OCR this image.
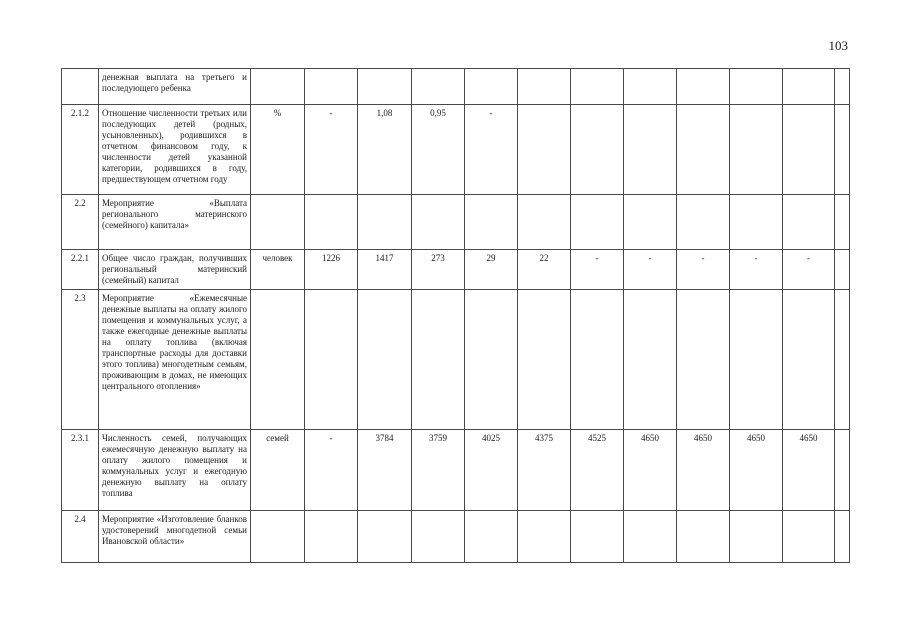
103
	денежная выплата на третьего и последующего ребенка												
2.1.2	Отношение численности третьих или последующих детей (родных, усыновленных), родившихся в отчетном финансовом году, к численности детей указанной категории, родившихся в году, предшествующем отчетном году	%	-	1,08	0,95	-							
2.2	Мероприятие «Выплата регионального материнского (семейного) капитала»												
2.2.1	Общее число граждан, получивших региональный материнский (семейный) капитал	человек	1226	1417	273	29	22	-	-	-	-	-	
2.3	Мероприятие «Ежемесячные денежные выплаты на оплату жилого помещения и коммунальных услуг, а также ежегодные денежные выплаты на оплату топлива (включая транспортные расходы для доставки этого топлива) многодетным семьям, проживающим в домах, не имеющих центрального отопления»												
2.3.1	Численность семей, получающих ежемесячную денежную выплату на оплату жилого помещения и коммунальных услуг и ежегодную денежную выплату на оплату топлива	семей	-	3784	3759	4025	4375	4525	4650	4650	4650	4650	
2.4	Мероприятие «Изготовление бланков удостоверений многодетной семьи Ивановской области»												
